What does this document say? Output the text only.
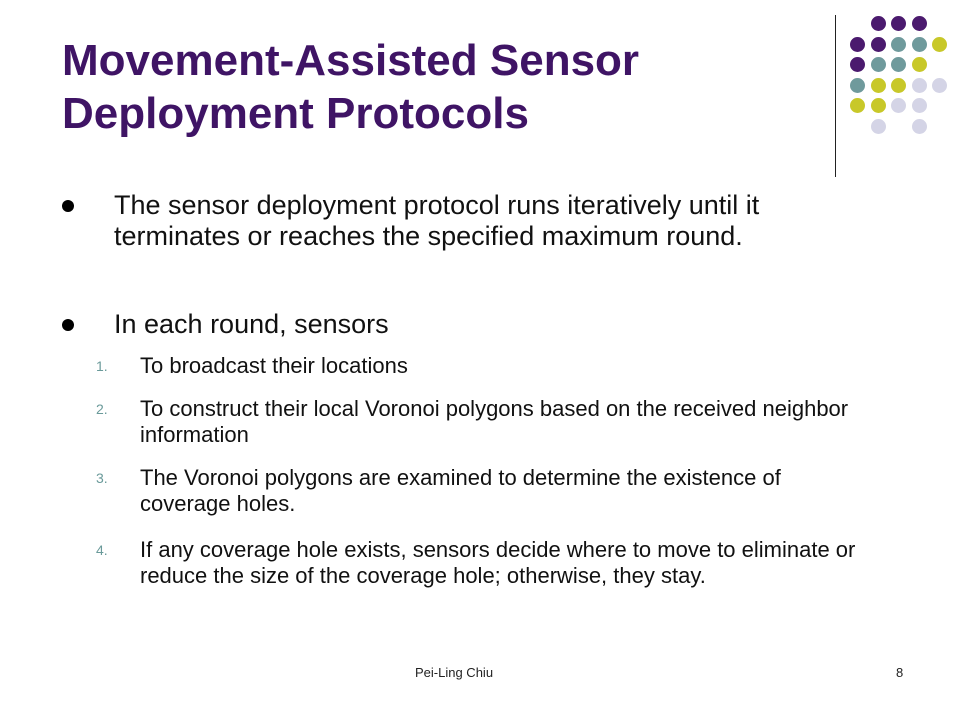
Movement-Assisted Sensor
Deployment Protocols
The sensor deployment protocol runs iteratively until it terminates or reaches the specified maximum round.
In each round, sensors
1. To broadcast their locations
2. To construct their local Voronoi polygons based on the received neighbor information
3. The Voronoi polygons are examined to determine the existence of coverage holes.
4. If any coverage hole exists, sensors decide where to move to eliminate or reduce the size of the coverage hole; otherwise, they stay.
Pei-Ling Chiu	8
